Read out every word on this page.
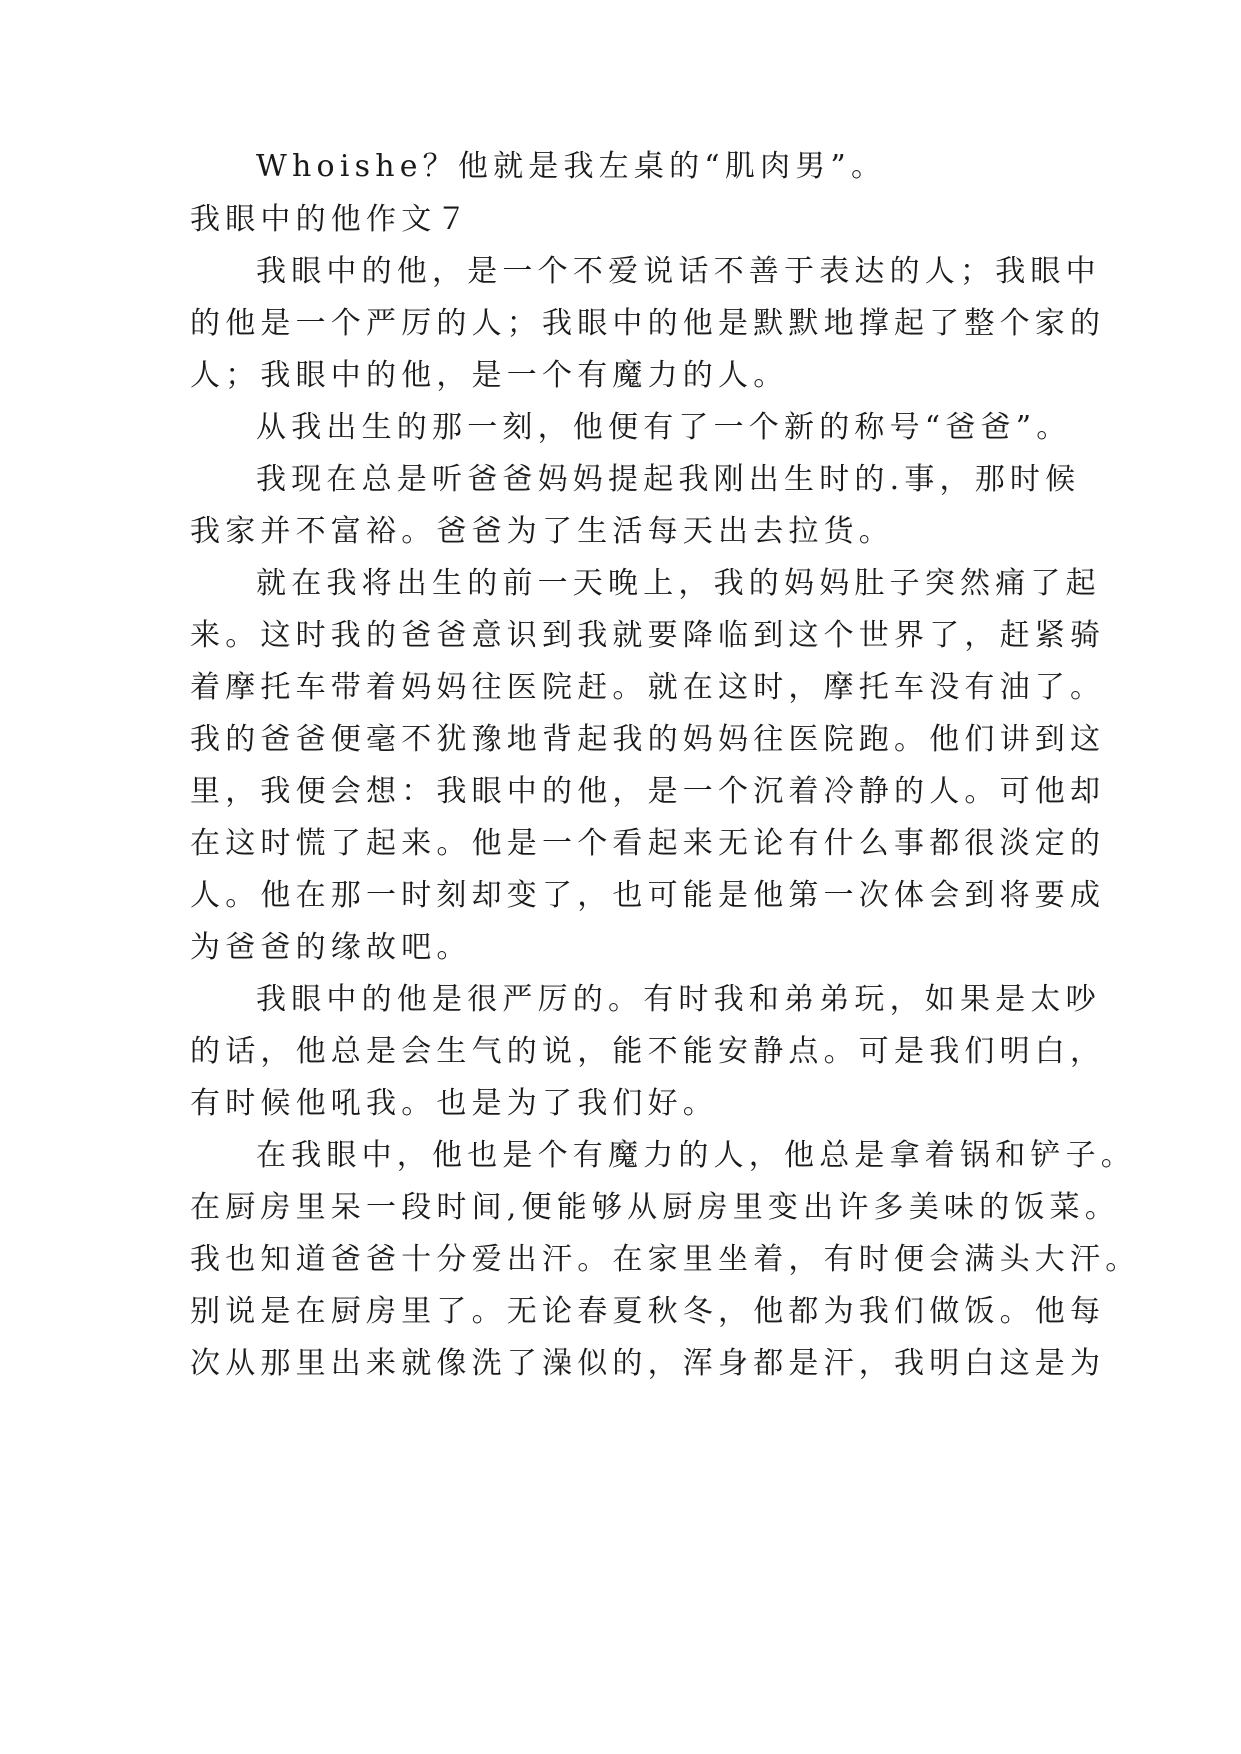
Whoishe？他就是我左桌的“肌肉男”。

我眼中的他作文７

我眼中的他，是一个不爱说话不善于表达的人；我眼中

的他是一个严厉的人；我眼中的他是默默地撑起了整个家的

人；我眼中的他，是一个有魔力的人。

从我出生的那一刻，他便有了一个新的称号“爸爸”。

我现在总是听爸爸妈妈提起我刚出生时的.事，那时候

我家并不富裕。爸爸为了生活每天出去拉货。

就在我将出生的前一天晚上，我的妈妈肚子突然痛了起

来。这时我的爸爸意识到我就要降临到这个世界了，赶紧骑

着摩托车带着妈妈往医院赶。就在这时，摩托车没有油了。

我的爸爸便毫不犹豫地背起我的妈妈往医院跑。他们讲到这

里，我便会想：我眼中的他，是一个沉着冷静的人。可他却

在这时慌了起来。他是一个看起来无论有什么事都很淡定的

人。他在那一时刻却变了，也可能是他第一次体会到将要成

为爸爸的缘故吧。

我眼中的他是很严厉的。有时我和弟弟玩，如果是太吵

的话，他总是会生气的说，能不能安静点。可是我们明白，

有时候他吼我。也是为了我们好。

在我眼中，他也是个有魔力的人，他总是拿着锅和铲子。

在厨房里呆一段时间,便能够从厨房里变出许多美味的饭菜。

我也知道爸爸十分爱出汗。在家里坐着，有时便会满头大汗。

别说是在厨房里了。无论春夏秋冬，他都为我们做饭。他每

次从那里出来就像洗了澡似的，浑身都是汗，我明白这是为
